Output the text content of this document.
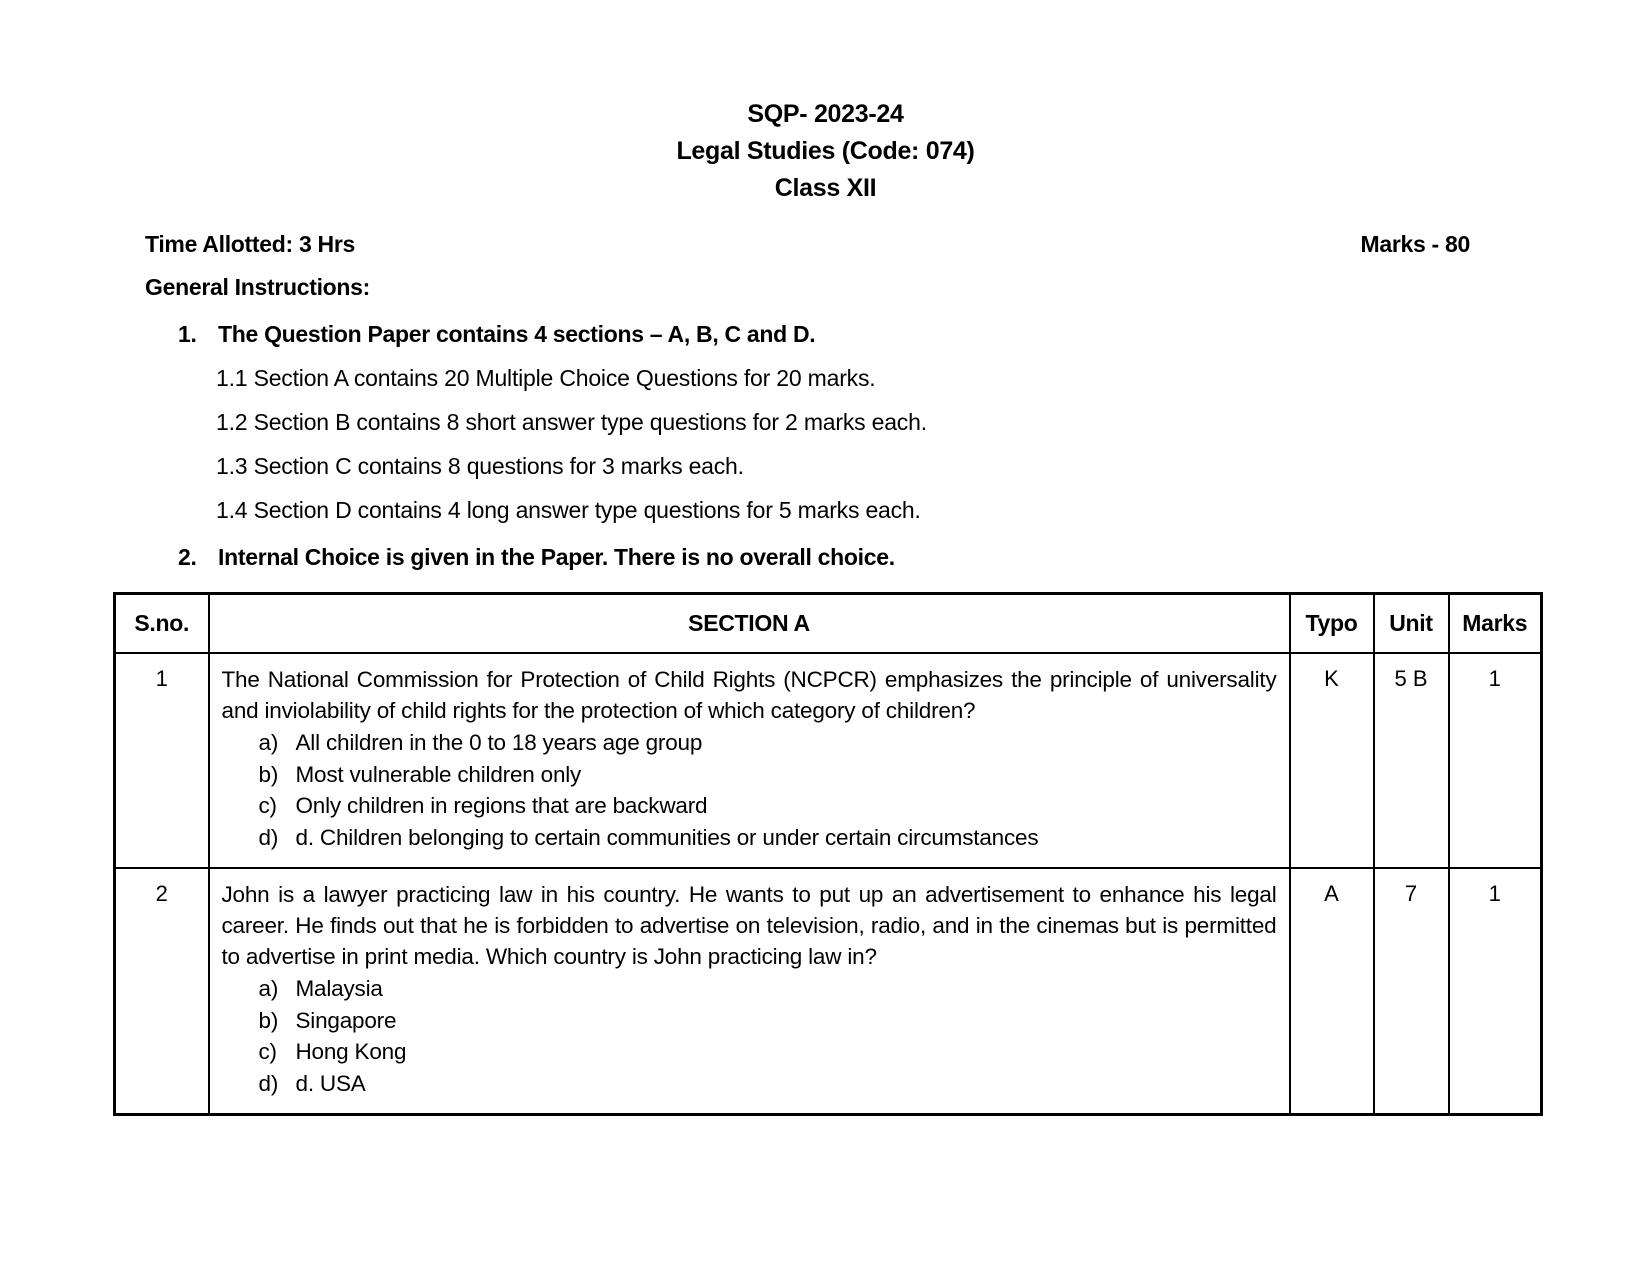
SQP- 2023-24
Legal Studies (Code: 074)
Class XII
Time Allotted: 3 Hrs	Marks - 80
General Instructions:
1. The Question Paper contains 4 sections – A, B, C and D.
1.1 Section A contains 20 Multiple Choice Questions for 20 marks.
1.2 Section B contains 8 short answer type questions for 2 marks each.
1.3 Section C contains 8 questions for 3 marks each.
1.4 Section D contains 4 long answer type questions for 5 marks each.
2. Internal Choice is given in the Paper. There is no overall choice.
S.no.	SECTION A	Typo	Unit	Marks
1	The National Commission for Protection of Child Rights (NCPCR) emphasizes the principle of universality and inviolability of child rights for the protection of which category of children?
a) All children in the 0 to 18 years age group
b) Most vulnerable children only
c) Only children in regions that are backward
d) d. Children belonging to certain communities or under certain circumstances
	K	5 B	1
2	John is a lawyer practicing law in his country. He wants to put up an advertisement to enhance his legal career. He finds out that he is forbidden to advertise on television, radio, and in the cinemas but is permitted to advertise in print media. Which country is John practicing law in?
a) Malaysia
b) Singapore
c) Hong Kong
d) d. USA
	A	7	1
